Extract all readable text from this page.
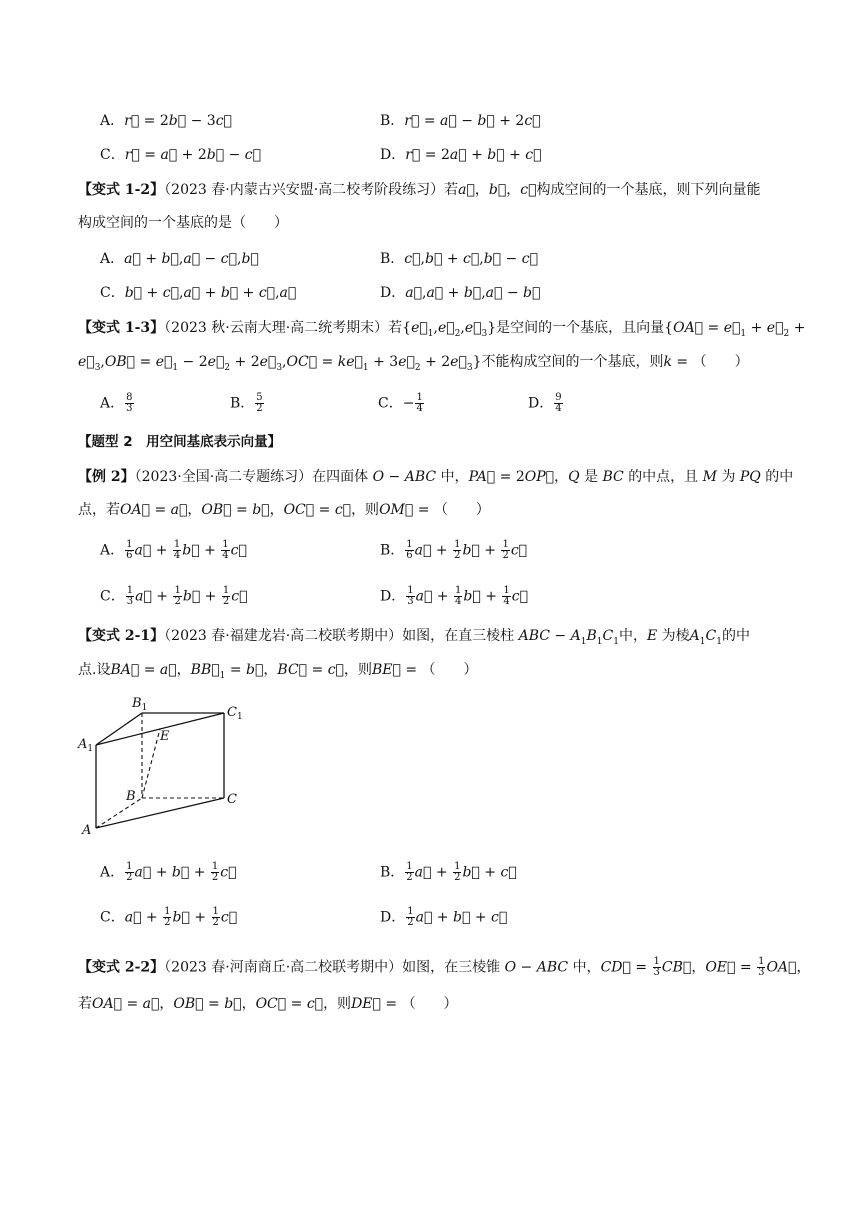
A．r⃗ = 2b⃗ − 3c⃗	B．r⃗ = a⃗ − b⃗ + 2c⃗
C．r⃗ = a⃗ + 2b⃗ − c⃗	D．r⃗ = 2a⃗ + b⃗ + c⃗
【变式 1-2】（2023 春·内蒙古兴安盟·高二校考阶段练习）若a⃗，b⃗，c⃗构成空间的一个基底，则下列向量能
构成空间的一个基底的是（　　）
A．a⃗ + b⃗,a⃗ − c⃗,b⃗	B．c⃗,b⃗ + c⃗,b⃗ − c⃗
C．b⃗ + c⃗,a⃗ + b⃗ + c⃗,a⃗	D．a⃗,a⃗ + b⃗,a⃗ − b⃗
【变式 1-3】（2023 秋·云南大理·高二统考期末）若$\{e⃗_1,e⃗_2,e⃗_3\}$是空间的一个基底，且向量{OA⃗ = $e⃗_1$ + $e⃗_2$ +
$e⃗_3,OB⃗$ = $e⃗_1$ − $2e⃗_2$ + $2e⃗_3,OC⃗$ = $ke⃗_1$ + $3e⃗_2$ + $2e⃗_3$}不能构成空间的一个基底，则k = （　　）
A． $\frac{8}{3}$	B． $\frac{5}{2}$	C．− $\frac{1}{4}$	D． $\frac{9}{4}$
【题型 2　用空间基底表示向量】
【例 2】（2023·全国·高二专题练习）在四面体 O − ABC 中，PA⃗ = 2OP⃗，Q 是 BC 的中点，且 M 为 PQ 的中
点，若OA⃗ = a⃗，OB⃗ = b⃗，OC⃗ = c⃗，则OM⃗ = （　　）
A． $\frac{1}{6}$ a⃗ + $\frac{1}{4}$ b⃗ + $\frac{1}{4}$ c⃗	B． $\frac{1}{6}$ a⃗ + $\frac{1}{2}$ b⃗ + $\frac{1}{2}$ c⃗
C． $\frac{1}{3}$ a⃗ + $\frac{1}{2}$ b⃗ + $\frac{1}{2}$ c⃗	D． $\frac{1}{3}$ a⃗ + $\frac{1}{4}$ b⃗ + $\frac{1}{4}$ c⃗
【变式 2-1】（2023 春·福建龙岩·高二校联考期中）如图，在直三棱柱 ABC − $A_1B_1C_1$中，E 为棱$A_1C_1$的中
点.设BA⃗ = a⃗，$BB⃗_1$ = b⃗，BC⃗ = c⃗，则BE⃗ = （　　）
$B_1$	$C_1$
$A_1$
E
B	C
A
A． $\frac{1}{2}$ a⃗ + b⃗ + $\frac{1}{2}$ c⃗	B． $\frac{1}{2}$ a⃗ + $\frac{1}{2}$ b⃗ + c⃗
C．a⃗ + $\frac{1}{2}$ b⃗ + $\frac{1}{2}$ c⃗	D． $\frac{1}{2}$ a⃗ + b⃗ + c⃗
【变式 2-2】（2023 春·河南商丘·高二校联考期中）如图，在三棱锥 O − ABC 中，CD⃗ = $\frac{1}{3}$ CB⃗，OE⃗ = $\frac{1}{3}$ OA⃗，
若OA⃗ = a⃗，OB⃗ = b⃗，OC⃗ = c⃗，则DE⃗ = （　　）
